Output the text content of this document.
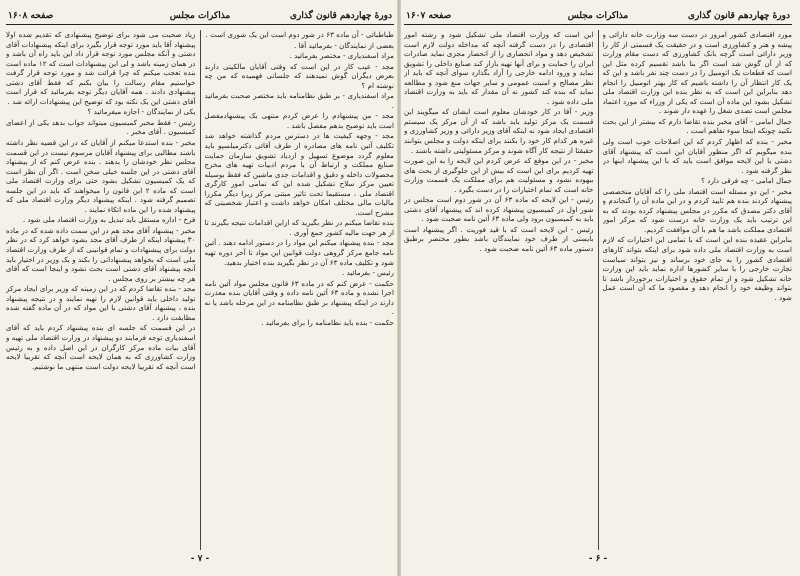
دورۀ چهاردهم قانون گذاری
مذاکرات مجلس
صفحه ۱۶۰۸

طباطبائی - آن ماده ۶۳ در شور دوم است این یک شوری است .

بعضی از نمایندگان - بفرمائید آقا .

مراد اسفندیاری - مختصر بفرمائید .

مجد - عیب کار در این است که وقتی آقایان مالکیتی دارند بعرض دیگران گوش نمیدهند که جلساتی فهمیده که من چه نوشته ام ؟

مراد اسفندیاری - بر طبق نظامنامه باید مختصر صحبت بفرمائید .

مجد - من پیشنهادم را عرض کردم منتهی یک پیشنهادمفصل است باید توضیح بدهم مفصل باشد .

مجد - وجهه کیفیت ها در دسترس مردم گذاشته خواهد شد تکلیف آئین نامه های مصادره از طرف آقائی دکترمیلسپو باید معلوم گردد موضوع تسهیل و ازدیاد تشویق سازمان حمایت صنایع مملکت و ارتباط آن با مردم ادبیات تهیه های مخرج محصولات داخله و دقیق و اقدامات جدی ماشین که فقط بوسیله تعیین مرکز سلاح تشکیل شده این که تمامی امور کارگری اقتصاد ملی ، مستقیما تحت تاثیر مبتنی مرکز زیرا دیگر مکررا مالیات مالی مختلف امکان خواهد داشت و اعتبار شخصیتی که مشرح است.

بنده تقاضا میکنم در نظر بگیرید که ازاین اقدامات نتیجه بگیرند تا از هر جهت مالیه کشور جمع آوری .

مجد - بنده پیشنهاد میکنم این مواد را در دستور ادامه دهند . آئین نامه جامع مرکز گروهی دولت قوانین این مواد تا آخر دوره تهیه شود و تکلیف ماده ۶۳ آن در نظر بگیرید بنده اختیار بدهید.

رئیس - بفرمائید .

حکمت - عرض کنم که در ماده ۶۳ قانون مجلس مواد آئین نامه اجرا نشده و ماده ۶۳ آئین نامه داده و وقتی آقایان بنده معذرت دارند در اینکه پیشنهاد بر طبق نظامنامه در این مرحله باشد یا نه .

حکمت - بنده باید نظامنامه را برای بفرمائید .

زیاد صحبت می شود برای توضیح پیشنهادی که تقدیم شده اولا پیشنهاد آقا باید مورد توجه قرار بگیرد برای اینکه پیشنهادات آقای دشتی و آنکه مجلس مورد توجه قرار داد این باید راه آن باشد و در همان زمینه باشد و لی این پیشنهادات است که ۱۲ ماده است بنده تعجب میکنم که چرا قرائت شد و مورد توجه قرار گرفت خواستیم مقام رسالت را بیان بکنم که فقط آقای دشتی پیشنهادی دادند . همه آقایان دیگر توجه بفرمائید که قرار است آقای دشتی این یک نکته بود که توضیح این پیشنهادات ارائه شد .

یکی از نمایندگان - اجازه میفرمائید ؟

رئیس - فقط مخبر کمیسیون میتواند جواب بدهد یکی از اعضای کمیسیون . آقای مخبر .

مخبر - بنده استدعا میکنم از آقایان که در این قضیه نظر داشته باشند مطالبی برای پیشنهاد آقایان مرسوم نیست در این قسمت مجلس نظر خودشان را بدهند . بنده عرض کنم که از پیشنهاد آقای دشتی در این جلسه خیلی سخن است . اگر آن نظر است که یک کمیسیون تشکیل بشود حتی برای وزارت اقتصاد ملی است که ماده ۲ این قانون را میخواهند که باید در این جلسه تصمیم گرفته شود . اینکه پیشنهاد دیگر وزارت اقتصاد ملی که پیشنهاد شده را این ماده اتکاء نمایند .

فرخ - اداره مستقل باید تبدیل به وزارت اقتصاد ملی شود .

مخبر - پیشنهاد آقای مجد هم در این سمت داده شده که در ماده ۳۰ پیشنهاد اینکه از طرف آقای مجد بشود خواهد کرد که در نظر دولت برای پیشنهادات و تمام قوانینی که از طرف وزارت اقتصاد ملی است که بخواهد پیشنهاداتی را بکند و یک وزیر در اختیار باید آنچه پیشنهاد آقای دشتی است بحث نشود و اینجا است که آقای هر چه بیشتر بر روی مجلس .

مجد - بنده تقاضا کردم که در این زمینه که وزیر برای ایجاد مرکز تولید داخلی باید قوانین لازم را تهیه نمایند و در نتیجه پیشنهاد بنده ، پیشنهاد آقای دشتی با این مواد که در آن ماده گفته شده مطابقت دارد .

در این قسمت که جلسه ای بنده پیشنهاد کردم باید که آقای اسفندیاری توجه فرمایند دو پیشنهاد در وزارت اقتصاد ملی تهیه و آقای بیات ماده مرکز کارگران در این اصل داده و به رئیس وزارت کشاورزی که به همان لایحه است آنچه که تقریبا لایحه است آنچه که تقریبا لایحه دولت است منتهی ما نوشتیم.

- ۷ -
دورۀ چهاردهم قانون گذاری
مذاکرات مجلس
صفحه ۱۶۰۷

مورد اقتصادی کشور امروز در دست سه وزارت خانه دارائی و پیشه و هنر و کشاورزی است و در حقیقت یک قسمتی از کار را وزیر دارائی است گرچه بانک کشاورزی که دست مقام وزارت که از آن گوش شد است اگر بنا باشد تقسیم کرده مثل این است که قطعات یک اتومبیل را در دست چند نفر باشد و این که یک کار انتظار آن را داشته باشیم که کار بهتر اتومبیل را انجام دهد بنابراین این است که به نظر بنده این وزارت اقتصاد ملی تشکیل بشود این ماده آن است که یکی از وزراء که مورد اعتماد مجلس است تصدی شغل را عهده دار شوند .

جمال امامی - آقای مخبر بنده تقاضا دارم که بیشتر از این بحث نکنید چونکه اینجا سوء تفاهم است .

مخبر - بنده که اظهار کردم که این اصلاحات خوب است ولی بنده میگویم که اگر منظور آقایان این است که پیشنهاد آقای دشتی با این لایحه موافق است باید که با این پیشنهاد اینها در نظر گرفته شود .

جمال امامی - چه فرقی دارد ؟

مخبر - این دو مسئله است اقتصاد ملی را که آقایان متخصصی پیشنهاد کردند بنده هم تایید کردم و در این ماده آن را گنجاندم و آقای دکتر مصدق که مکرر در مجلس پیشنهاد کرده بودند که به این ترتیب باید یک وزارت خانه درست شود که مرکز امور اقتصادی مملکت باشد ما هم با آن موافقت کردیم.

بنابراین عقیده بنده این است که با تمامی این اختیارات که لازم است به وزارت اقتصاد ملی داده شود برای اینکه بتواند کارهای اقتصادی کشور را به جای خود برساند و نیز بتواند سیاست تجارت خارجی را با سایر کشورها اداره نماید باید این وزارت خانه تشکیل شود و از تمام حقوق و اختیارات برخوردار باشد تا بتواند وظیفه خود را انجام دهد و مقصود ما که آن است عمل شود .

این است که وزارت اقتصاد ملی تشکیل شود و رشته امور اقتصادی را در دست گرفته آنچه که مداخله دولت لازم است تشخیص دهد و مواد انحصاری را از انحصار مجزی نماید صادرات ایران را حمایت و برای آنها تهیه بازار کند صنایع داخلی را تشویق نماید و ورود ادامه خارجی را آزاد بگذارد سوای آنچه که باید از نظر مصالح و امنیت عمومی و سایر جهات منع شود و مطالعه نماید که بنده کند کشور نه آن مقدار که باید به وزارت اقتصاد ملی داده شود .

وزیر - آقا در کار خودشان معلوم است ایشان که میگویند این قسمت یک مرکز تولید باید باشد که از آن مرکز یک سیستم اقتصادی ایجاد شود نه اینکه آقای وزیر دارائی و وزیر کشاورزی و غیره هر کدام کار خود را بکنند برای اینکه دولت و مجلس بتوانند حقیقتا از نتیجه کار آگاه شوند و مرکز مسئولیتی داشته باشند .

مخبر - در این موقع که عرض کردم این لایحه را به این صورت تهیه کردیم برای این است که بیش از این جلوگیری از بحث های بیهوده نشود و مسئولیت هم برای مملکت یک قسمت وزارت خانه است که تمام اختیارات را در دست بگیرد .

رئیس - این لایحه که ماده ۶۳ آن در شور دوم است مجلس در شور اول در کمیسیون پیشنهاد کرده اند که پیشنهاد آقای دشتی باید به کمیسیون برود ولی ماده ۶۳ آئین نامه صحبت شود .

رئیس - این لایحه است که با قید فوریت . اگر پیشنهاد است بایستی از طرف خود نمایندگان باشد بطور مختصر برطبق دستور ماده ۶۳ آئین نامه صحبت شود .

- ۶ -
